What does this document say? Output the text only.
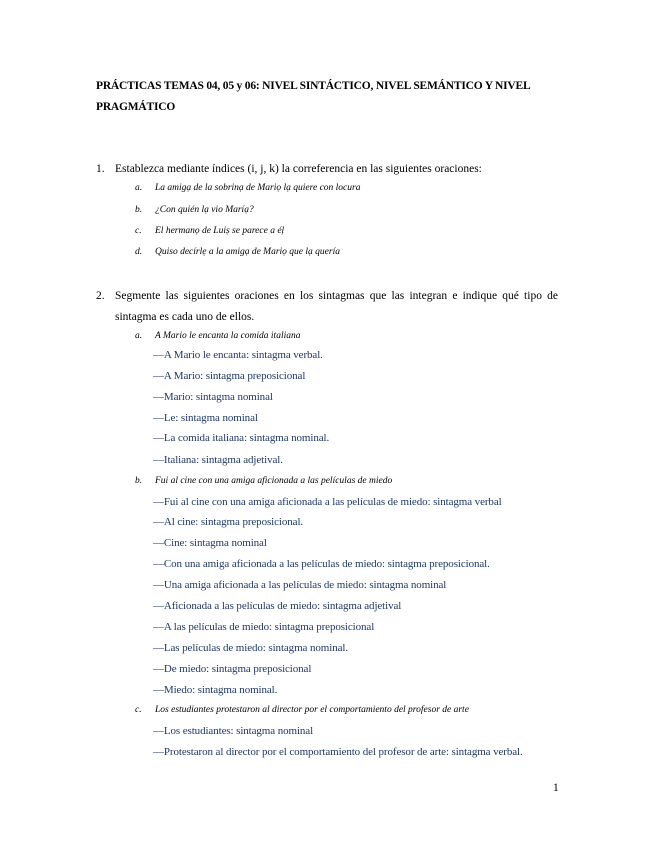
PRÁCTICAS TEMAS 04, 05 y 06: NIVEL SINTÁCTICO, NIVEL SEMÁNTICO Y NIVEL PRAGMÁTICO
1. Establezca mediante índices (i, j, k) la correferencia en las siguientes oraciones:
a. La amigạ de la sobrinạ de Mariọ lạ quiere con locura
b. ¿Con quién lạ vio Maríạ?
c. El hermanọ de Luiṣ se parece a éḷ
d. Quiso decírlẹ a la amigạ de Mariọ que lạ quería
2. Segmente las siguientes oraciones en los sintagmas que las integran e indique qué tipo de sintagma es cada uno de ellos.
a. A Mario le encanta la comida italiana
—A Mario le encanta: sintagma verbal.
—A Mario: sintagma preposicional
—Mario: sintagma nominal
—Le: sintagma nominal
—La comida italiana: sintagma nominal.
—Italiana: sintagma adjetival.
b. Fui al cine con una amiga aficionada a las películas de miedo
—Fui al cine con una amiga aficionada a las películas de miedo: sintagma verbal
—Al cine: sintagma preposicional.
—Cine: sintagma nominal
—Con una amiga aficionada a las películas de miedo: sintagma preposicional.
—Una amiga aficionada a las películas de miedo: sintagma nominal
—Aficionada a las películas de miedo: sintagma adjetival
—A las películas de miedo: sintagma preposicional
—Las películas de miedo: sintagma nominal.
—De miedo: sintagma preposicional
—Miedo: sintagma nominal.
c. Los estudiantes protestaron al director por el comportamiento del profesor de arte
—Los estudiantes: sintagma nominal
—Protestaron al director por el comportamiento del profesor de arte: sintagma verbal.
1
